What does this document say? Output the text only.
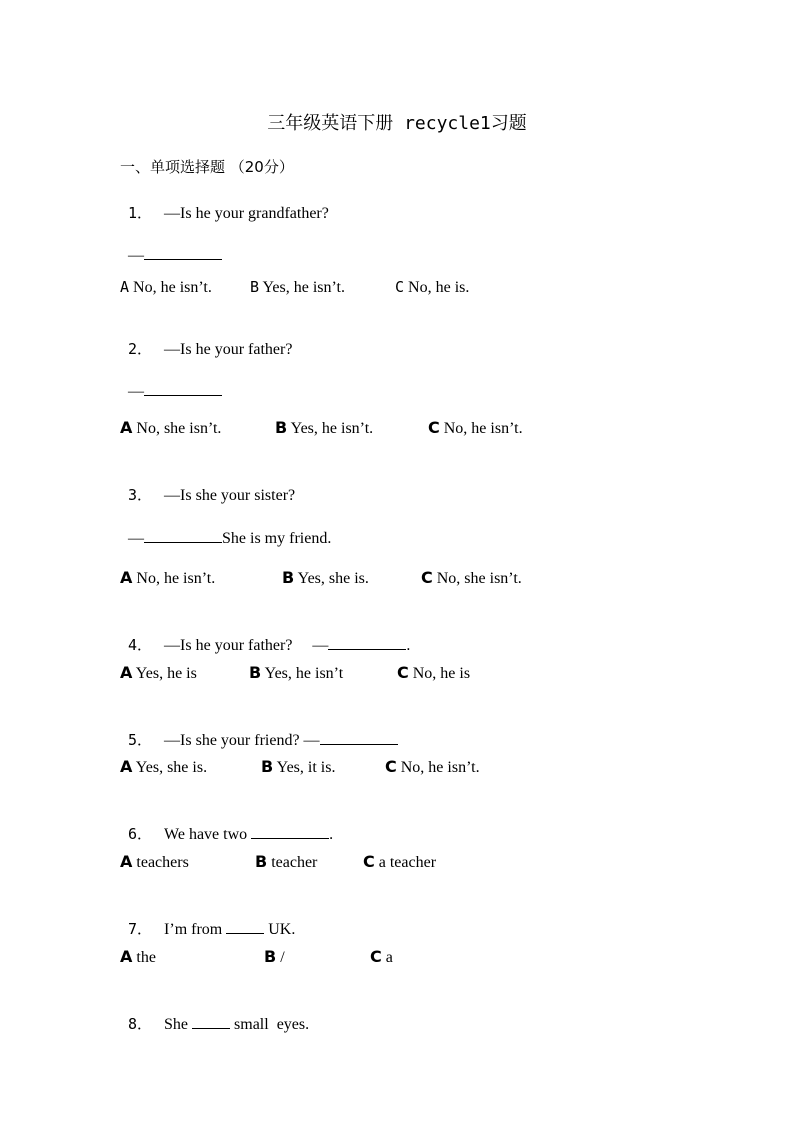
三年级英语下册 recycle1习题
一、单项选择题 （20分）

1． —Is he your grandfather?

—

A No, he isn’t.

	B Yes, he isn’t.

	C No, he is.

2． —Is he your father?

—

A No, she isn’t.

	B Yes, he isn’t.

	C No, he isn’t.

3． —Is she your sister?

—	She is my friend.

A No, he isn’t.

	B Yes, she is.

	C No, she isn’t.

4． —Is he your father? —	.

A Yes, he is

	B Yes, he isn’t

	C No, he is

5． —Is she your friend? —

A Yes, she is.

	B Yes, it is.

	C No, he isn’t.

6． We have two	.

A teachers

	B teacher

	C a teacher

7． I’m from	UK.

A the

	B /

	C a

8． She	small  eyes.
